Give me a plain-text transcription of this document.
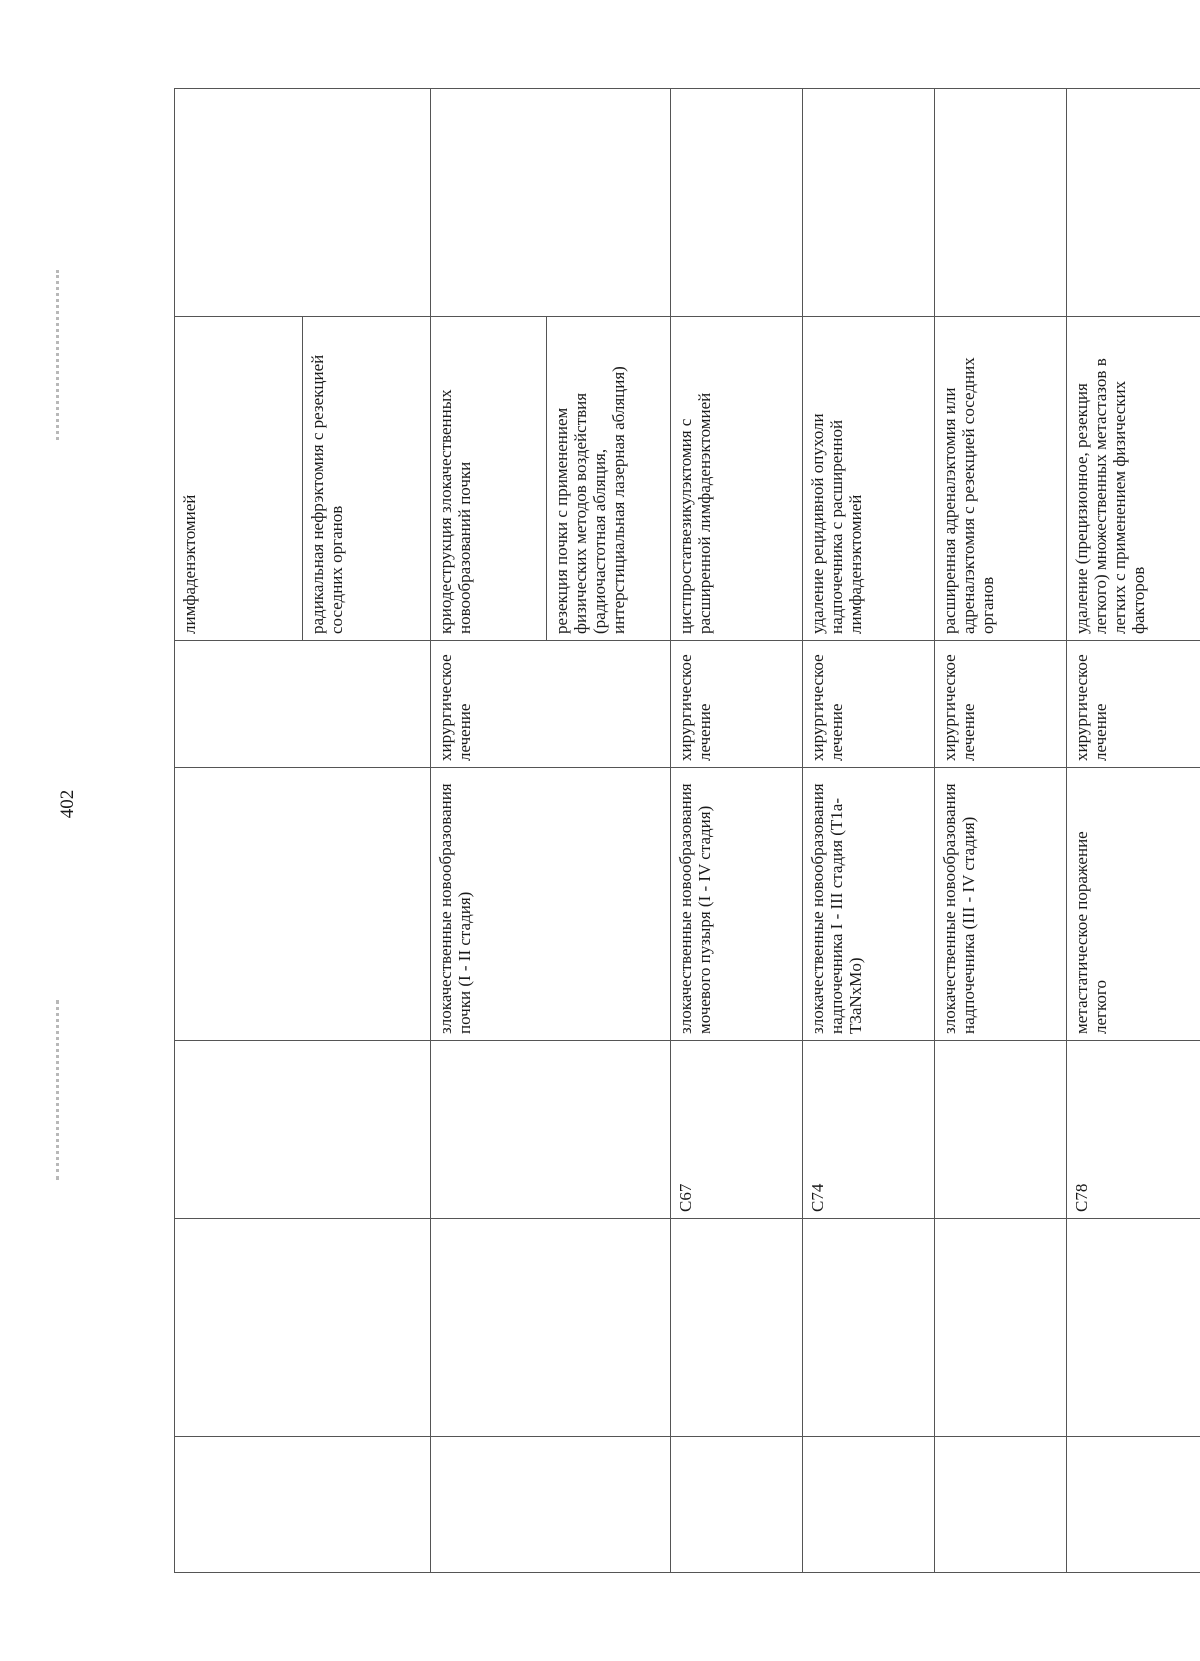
402
					лимфаденэктомией	
					радикальная нефрэктомия с резекцией соседних органов	
			злокачественные новообразования почки (I - II стадия)	хирургическое лечение	криодеструкция злокачественных новообразований почки	
					резекция почки с применением физических методов воздействия (радиочастотная абляция, интерстициальная лазерная абляция)	
		С67	злокачественные новообразования мочевого пузыря (I - IV стадия)	хирургическое лечение	цистпростатвезикулэктомия с расширенной лимфаденэктомией	
		С74	злокачественные новообразования надпочечника I - III стадия (T1a-T3aNxMo)	хирургическое лечение	удаление рецидивной опухоли надпочечника с расширенной лимфаденэктомией	
			злокачественные новообразования надпочечника (III - IV стадия)	хирургическое лечение	расширенная адреналэктомия или адреналэктомия с резекцией соседних органов	
		С78	метастатическое поражение легкого	хирургическое лечение	удаление (прецизионное, резекция легкого) множественных метастазов в легких с применением физических факторов	
